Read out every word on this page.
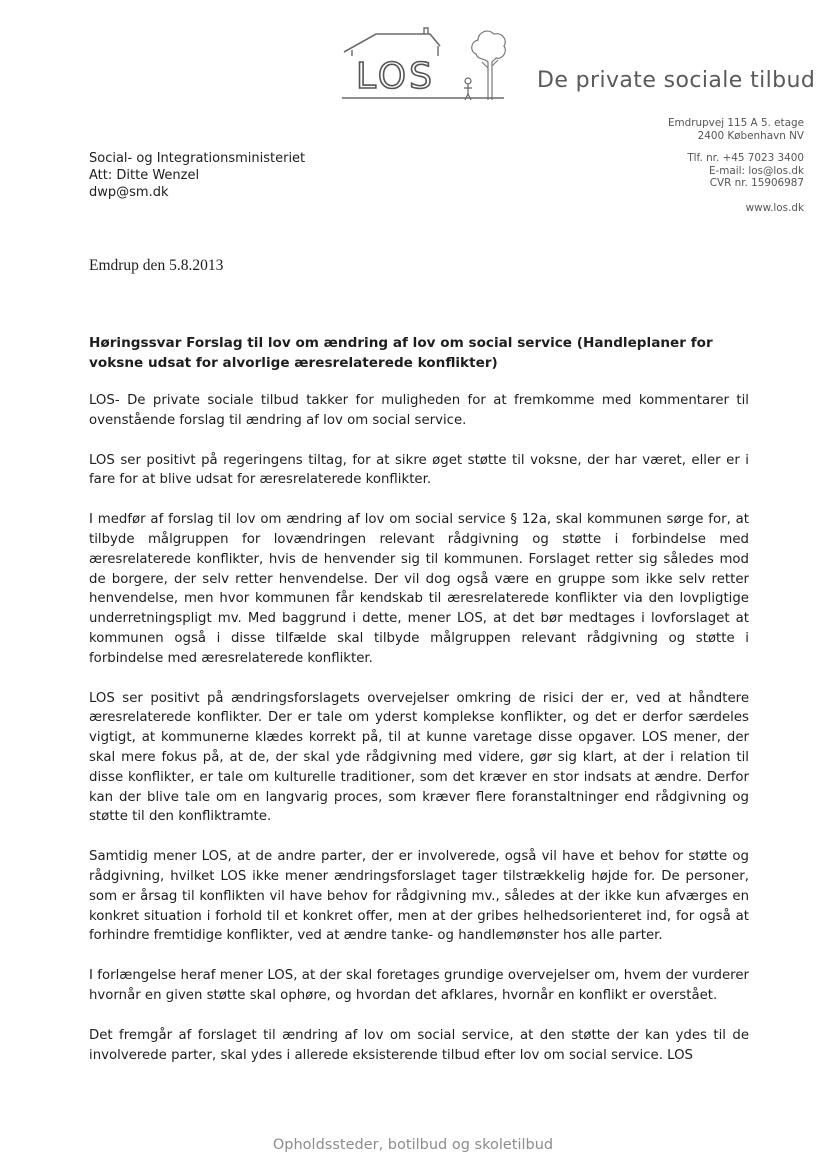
LOS	De private sociale tilbud
Emdrupvej 115 A 5. etage
2400 København NV
Tlf. nr. +45 7023 3400
E-mail: los@los.dk
CVR nr. 15906987
www.los.dk
Social- og Integrationsministeriet
Att: Ditte Wenzel
dwp@sm.dk
Emdrup den 5.8.2013
Høringssvar Forslag til lov om ændring af lov om social service (Handleplaner for voksne udsat for alvorlige æresrelaterede konflikter)

LOS- De private sociale tilbud takker for muligheden for at fremkomme med kommentarer til ovenstående forslag til ændring af lov om social service.

LOS ser positivt på regeringens tiltag, for at sikre øget støtte til voksne, der har været, eller er i fare for at blive udsat for æresrelaterede konflikter.

I medfør af forslag til lov om ændring af lov om social service § 12a, skal kommunen sørge for, at tilbyde målgruppen for lovændringen relevant rådgivning og støtte i forbindelse med æresrelaterede konflikter, hvis de henvender sig til kommunen. Forslaget retter sig således mod de borgere, der selv retter henvendelse. Der vil dog også være en gruppe som ikke selv retter henvendelse, men hvor kommunen får kendskab til æresrelaterede konflikter via den lovpligtige underretningspligt mv. Med baggrund i dette, mener LOS, at det bør medtages i lovforslaget at kommunen også i disse tilfælde skal tilbyde målgruppen relevant rådgivning og støtte i forbindelse med æresrelaterede konflikter.

LOS ser positivt på ændringsforslagets overvejelser omkring de risici der er, ved at håndtere æresrelaterede konflikter. Der er tale om yderst komplekse konflikter, og det er derfor særdeles vigtigt, at kommunerne klædes korrekt på, til at kunne varetage disse opgaver. LOS mener, der skal mere fokus på, at de, der skal yde rådgivning med videre, gør sig klart, at der i relation til disse konflikter, er tale om kulturelle traditioner, som det kræver en stor indsats at ændre. Derfor kan der blive tale om en langvarig proces, som kræver flere foranstaltninger end rådgivning og støtte til den konfliktramte.

Samtidig mener LOS, at de andre parter, der er involverede, også vil have et behov for støtte og rådgivning, hvilket LOS ikke mener ændringsforslaget tager tilstrækkelig højde for. De personer, som er årsag til konflikten vil have behov for rådgivning mv., således at der ikke kun afværges en konkret situation i forhold til et konkret offer, men at der gribes helhedsorienteret ind, for også at forhindre fremtidige konflikter, ved at ændre tanke- og handlemønster hos alle parter.

I forlængelse heraf mener LOS, at der skal foretages grundige overvejelser om, hvem der vurderer hvornår en given støtte skal ophøre, og hvordan det afklares, hvornår en konflikt er overstået.

Det fremgår af forslaget til ændring af lov om social service, at den støtte der kan ydes til de involverede parter, skal ydes i allerede eksisterende tilbud efter lov om social service. LOS

Opholdssteder, botilbud og skoletilbud
